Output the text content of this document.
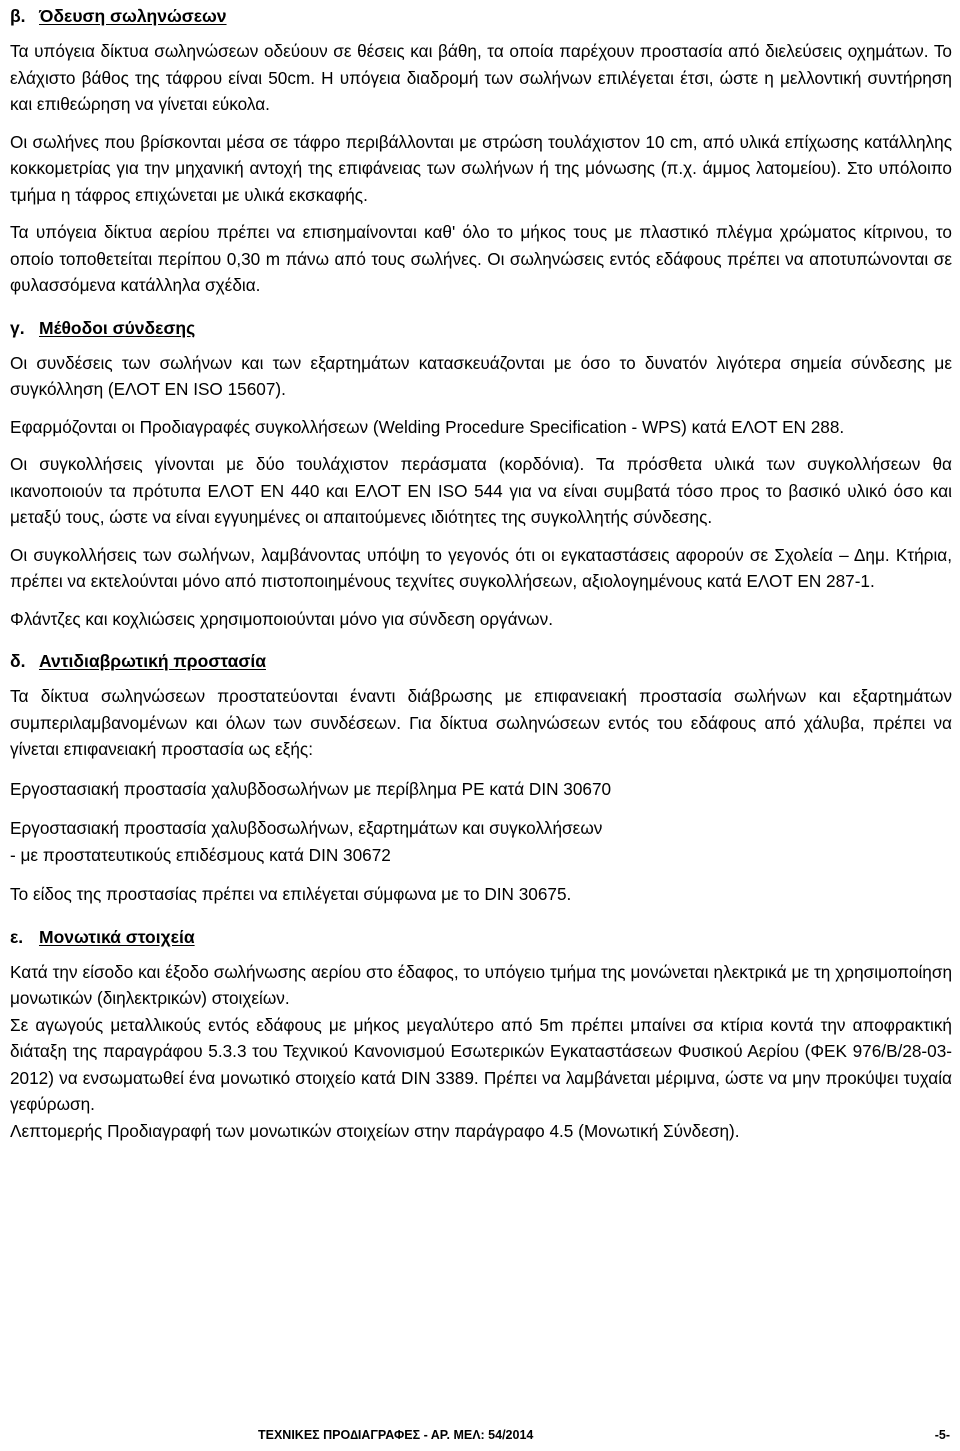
β. Όδευση σωληνώσεων

Τα υπόγεια δίκτυα σωληνώσεων οδεύουν σε θέσεις και βάθη, τα οποία παρέχουν προστασία από διελεύσεις οχημάτων. Το ελάχιστο βάθος της τάφρου είναι 50cm. Η υπόγεια διαδρομή των σωλήνων επιλέγεται έτσι, ώστε η μελλοντική συντήρηση και επιθεώρηση να γίνεται εύκολα.

Οι σωλήνες που βρίσκονται μέσα σε τάφρο περιβάλλονται με στρώση τουλάχιστον 10 cm, από υλικά επίχωσης κατάλληλης κοκκομετρίας για την μηχανική αντοχή της επιφάνειας των σωλήνων ή της μόνωσης (π.χ. άμμος λατομείου). Στο υπόλοιπο τμήμα η τάφρος επιχώνεται με υλικά εκσκαφής.

Τα υπόγεια δίκτυα αερίου πρέπει να επισημαίνονται καθ' όλο το μήκος τους με πλαστικό πλέγμα χρώματος κίτρινου, το οποίο τοποθετείται περίπου 0,30 m πάνω από τους σωλήνες. Οι σωληνώσεις εντός εδάφους πρέπει να αποτυπώνονται σε φυλασσόμενα κατάλληλα σχέδια.

γ. Μέθοδοι σύνδεσης

Οι συνδέσεις των σωλήνων και των εξαρτημάτων κατασκευάζονται με όσο το δυνατόν λιγότερα σημεία σύνδεσης με συγκόλληση (ΕΛΟΤ ΕΝ ISO 15607).

Εφαρμόζονται οι Προδιαγραφές συγκολλήσεων (Welding Procedure Specification - WPS) κατά ΕΛΟΤ ΕΝ 288.

Οι συγκολλήσεις γίνονται με δύο τουλάχιστον περάσματα (κορδόνια). Τα πρόσθετα υλικά των συγκολλήσεων θα ικανοποιούν τα πρότυπα ΕΛΟΤ ΕΝ 440 και ΕΛΟΤ ΕΝ ISO 544 για να είναι συμβατά τόσο προς το βασικό υλικό όσο και μεταξύ τους, ώστε να είναι εγγυημένες οι απαιτούμενες ιδιότητες της συγκολλητής σύνδεσης.

Οι συγκολλήσεις των σωλήνων, λαμβάνοντας υπόψη το γεγονός ότι οι εγκαταστάσεις αφορούν σε Σχολεία – Δημ. Κτήρια, πρέπει να εκτελούνται μόνο από πιστοποιημένους τεχνίτες συγκολλήσεων, αξιολογημένους κατά ΕΛΟΤ ΕΝ 287-1.

Φλάντζες και κοχλιώσεις χρησιμοποιούνται μόνο για σύνδεση οργάνων.

δ. Αντιδιαβρωτική προστασία

Τα δίκτυα σωληνώσεων προστατεύονται έναντι διάβρωσης με επιφανειακή προστασία σωλήνων και εξαρτημάτων συμπεριλαμβανομένων και όλων των συνδέσεων. Για δίκτυα σωληνώσεων εντός του εδάφους από χάλυβα, πρέπει να γίνεται επιφανειακή προστασία ως εξής:

Εργοστασιακή προστασία χαλυβδοσωλήνων με περίβλημα PE κατά DIN 30670

Εργοστασιακή προστασία χαλυβδοσωλήνων, εξαρτημάτων και συγκολλήσεων

- με προστατευτικούς επιδέσμους κατά DIN 30672

Το είδος της προστασίας πρέπει να επιλέγεται σύμφωνα με το DIN 30675.

ε. Μονωτικά στοιχεία

Κατά την είσοδο και έξοδο σωλήνωσης αερίου στο έδαφος, το υπόγειο τμήμα της μονώνεται ηλεκτρικά με τη χρησιμοποίηση μονωτικών (διηλεκτρικών) στοιχείων.

Σε αγωγούς μεταλλικούς εντός εδάφους με μήκος μεγαλύτερο από 5m πρέπει μπαίνει σα κτίρια κοντά την αποφρακτική διάταξη της παραγράφου 5.3.3 του Τεχνικού Κανονισμού Εσωτερικών Εγκαταστάσεων Φυσικού Αερίου (ΦΕΚ 976/Β/28-03-2012) να ενσωματωθεί ένα μονωτικό στοιχείο κατά DIN 3389. Πρέπει να λαμβάνεται μέριμνα, ώστε να μην πρoκύψει τυχαία γεφύρωση.

Λεπτομερής Προδιαγραφή των μονωτικών στοιχείων στην παράγραφο 4.5 (Μονωτική Σύνδεση).

ΤΕΧΝΙΚΕΣ ΠΡΟ∆ΙΑΓΡΑΦΕΣ - ΑΡ. ΜΕΛ: 54/2014	-5-
